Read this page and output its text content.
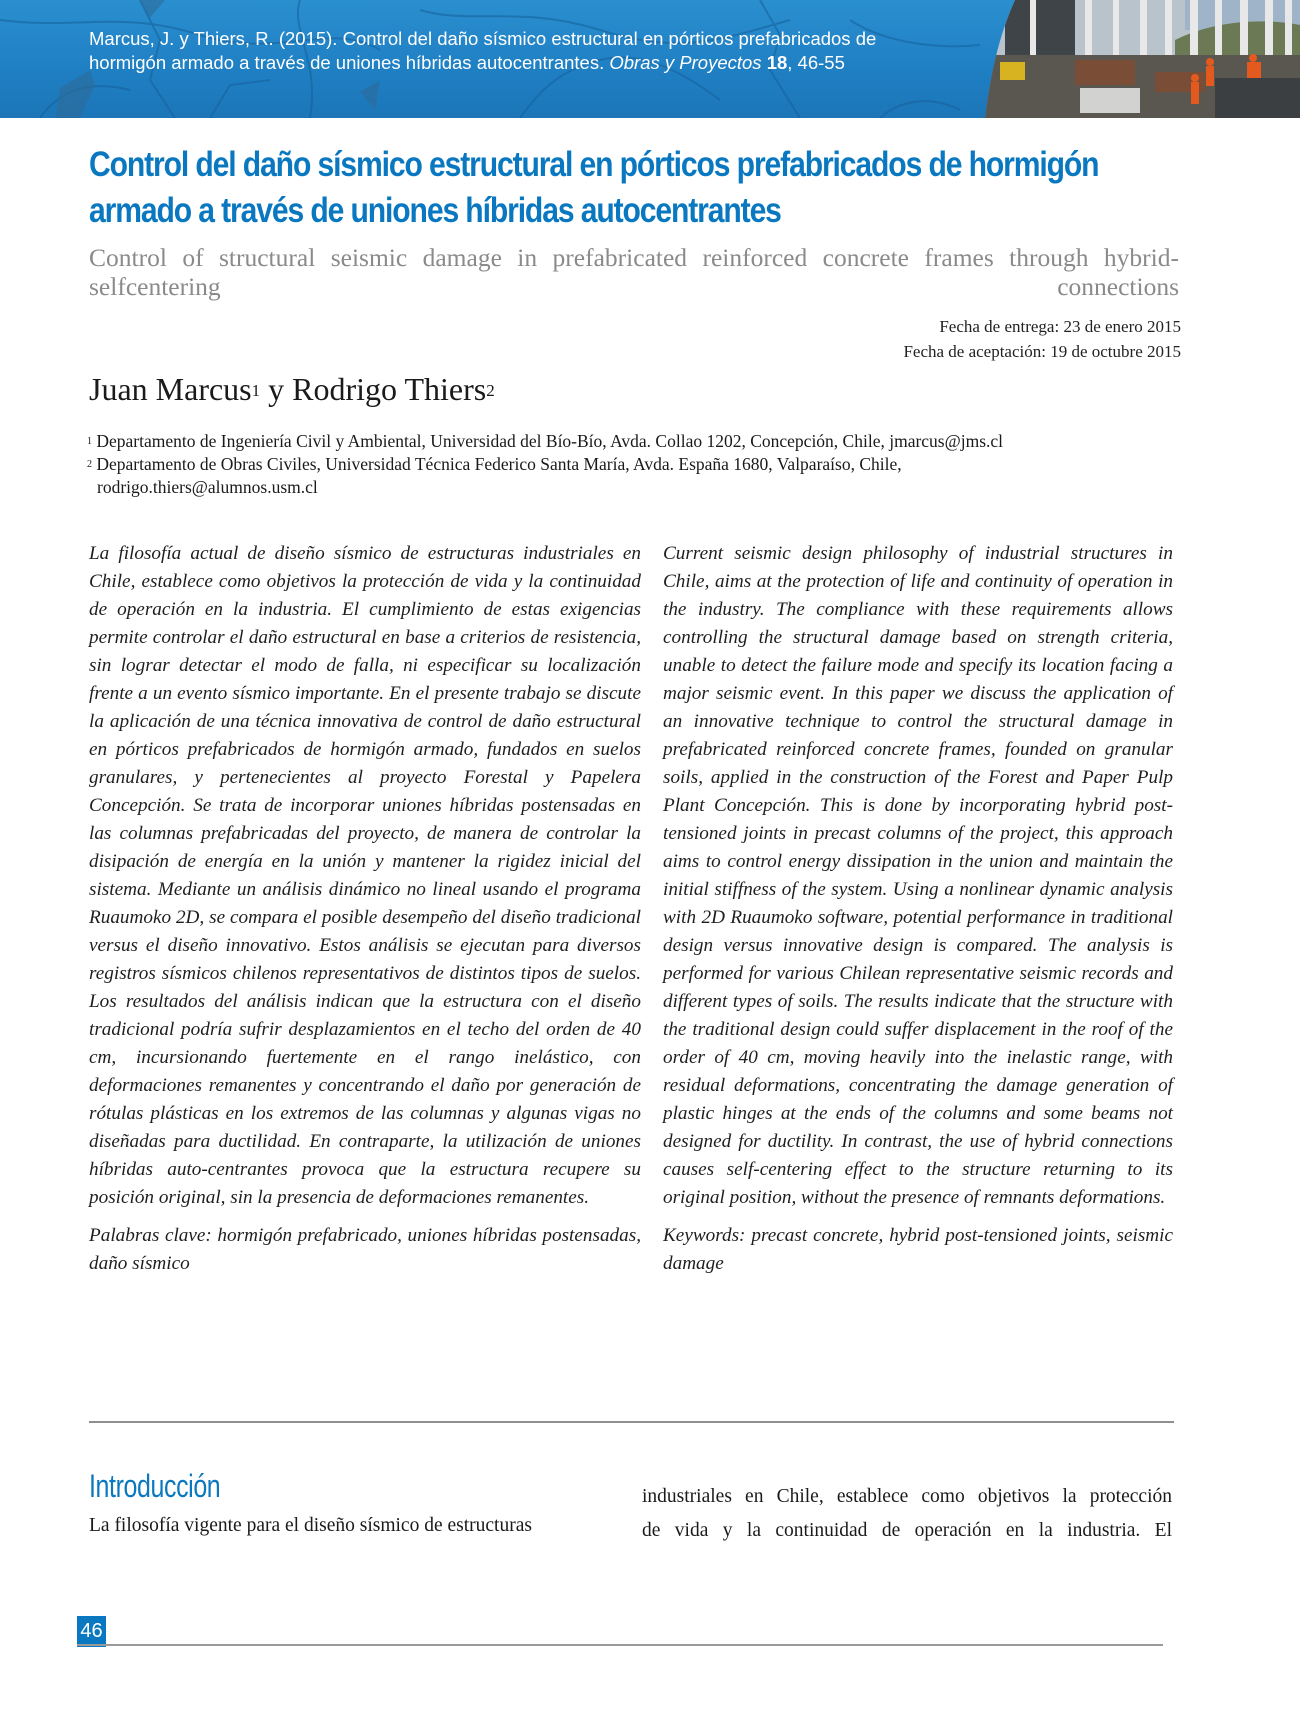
Marcus, J. y Thiers, R. (2015). Control del daño sísmico estructural en pórticos prefabricados de
hormigón armado a través de uniones híbridas autocentrantes. Obras y Proyectos 18, 46-55
Control del daño sísmico estructural en pórticos prefabricados de hormigón armado a través de uniones híbridas autocentrantes
Control of structural seismic damage in prefabricated reinforced concrete frames through hybrid-selfcentering connections
Fecha de entrega: 23 de enero 2015
Fecha de aceptación: 19 de octubre 2015
Juan Marcus$^1$ y Rodrigo Thiers$^2$
$^1$ Departamento de Ingeniería Civil y Ambiental, Universidad del Bío-Bío, Avda. Collao 1202, Concepción, Chile, jmarcus@jms.cl
$^2$ Departamento de Obras Civiles, Universidad Técnica Federico Santa María, Avda. España 1680, Valparaíso, Chile,
rodrigo.thiers@alumnos.usm.cl

La filosofía actual de diseño sísmico de estructuras industriales en Chile, establece como objetivos la protección de vida y la continuidad de operación en la industria. El cumplimiento de estas exigencias permite controlar el daño estructural en base a criterios de resistencia, sin lograr detectar el modo de falla, ni especificar su localización frente a un evento sísmico importante. En el presente trabajo se discute la aplicación de una técnica innovativa de control de daño estructural en pórticos prefabricados de hormigón armado, fundados en suelos granulares, y pertenecientes al proyecto Forestal y Papelera Concepción. Se trata de incorporar uniones híbridas postensadas en las columnas prefabricadas del proyecto, de manera de controlar la disipación de energía en la unión y mantener la rigidez inicial del sistema. Mediante un análisis dinámico no lineal usando el programa Ruaumoko 2D, se compara el posible desempeño del diseño tradicional versus el diseño innovativo. Estos análisis se ejecutan para diversos registros sísmicos chilenos representativos de distintos tipos de suelos. Los resultados del análisis indican que la estructura con el diseño tradicional podría sufrir desplazamientos en el techo del orden de 40 cm, incursionando fuertemente en el rango inelástico, con deformaciones remanentes y concentrando el daño por generación de rótulas plásticas en los extremos de las columnas y algunas vigas no diseñadas para ductilidad. En contraparte, la utilización de uniones híbridas auto-centrantes provoca que la estructura recupere su posición original, sin la presencia de deformaciones remanentes.

Palabras clave: hormigón prefabricado, uniones híbridas postensadas, daño sísmico

Current seismic design philosophy of industrial structures in Chile, aims at the protection of life and continuity of operation in the industry. The compliance with these requirements allows controlling the structural damage based on strength criteria, unable to detect the failure mode and specify its location facing a major seismic event. In this paper we discuss the application of an innovative technique to control the structural damage in prefabricated reinforced concrete frames, founded on granular soils, applied in the construction of the Forest and Paper Pulp Plant Concepción. This is done by incorporating hybrid post-tensioned joints in precast columns of the project, this approach aims to control energy dissipation in the union and maintain the initial stiffness of the system. Using a nonlinear dynamic analysis with 2D Ruaumoko software, potential performance in traditional design versus innovative design is compared. The analysis is performed for various Chilean representative seismic records and different types of soils. The results indicate that the structure with the traditional design could suffer displacement in the roof of the order of 40 cm, moving heavily into the inelastic range, with residual deformations, concentrating the damage generation of plastic hinges at the ends of the columns and some beams not designed for ductility. In contrast, the use of hybrid connections causes self-centering effect to the structure returning to its original position, without the presence of remnants deformations.

Keywords: precast concrete, hybrid post-tensioned joints, seismic damage

Introducción
La filosofía vigente para el diseño sísmico de estructuras
industriales en Chile, establece como objetivos la protección
de vida y la continuidad de operación en la industria. El
46
